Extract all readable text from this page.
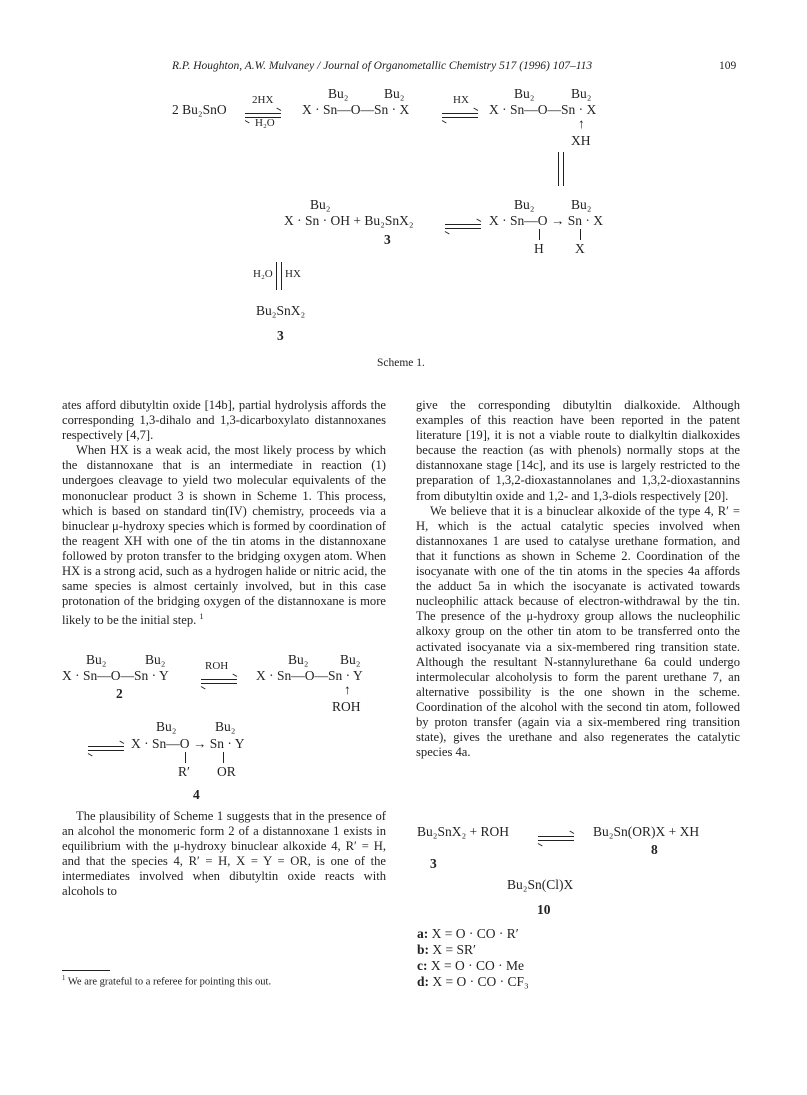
R.P. Houghton, A.W. Mulvaney / Journal of Organometallic Chemistry 517 (1996) 107–113	109
2 Bu₂SnO
2HX
H₂O
Bu₂	Bu₂
X · Sn—O—Sn · X
HX	Bu₂	Bu₂
X · Sn—O—Sn · X
↑
XH
Bu₂
X · Sn · OH + Bu₂SnX₂
3
Bu₂	Bu₂
X · Sn—O → Sn · X
H X
H₂O HX
Bu₂SnX₂
3
Scheme 1.

ates afford dibutyltin oxide [14b], partial hydrolysis affords the corresponding 1,3-dihalo and 1,3-dicarboxylato distannoxanes respectively [4,7].

When HX is a weak acid, the most likely process by which the distannoxane that is an intermediate in reaction (1) undergoes cleavage to yield two molecular equivalents of the mononuclear product 3 is shown in Scheme 1. This process, which is based on standard tin(IV) chemistry, proceeds via a binuclear μ-hydroxy species which is formed by coordination of the reagent XH with one of the tin atoms in the distannoxane followed by proton transfer to the bridging oxygen atom. When HX is a strong acid, such as a hydrogen halide or nitric acid, the same species is almost certainly involved, but in this case protonation of the bridging oxygen of the distannoxane is more likely to be the initial step. $^1$

Bu₂	Bu₂
X · Sn—O—Sn · Y
2
ROH	Bu₂ Bu₂
X · Sn—O—Sn · Y
↑
ROH
Bu₂	Bu₂
X · Sn—O → Sn · Y
R′ OR
4

The plausibility of Scheme 1 suggests that in the presence of an alcohol the monomeric form 2 of a distannoxane 1 exists in equilibrium with the μ-hydroxy binuclear alkoxide 4, R′ = H, and that the species 4, R′ = H, X = Y = OR, is one of the intermediates involved when dibutyltin oxide reacts with alcohols to

$^1$ We are grateful to a referee for pointing this out.

give the corresponding dibutyltin dialkoxide. Although examples of this reaction have been reported in the patent literature [19], it is not a viable route to dialkyltin dialkoxides because the reaction (as with phenols) normally stops at the distannoxane stage [14c], and its use is largely restricted to the preparation of 1,3,2-dioxastannolanes and 1,3,2-dioxastannins from dibutyltin oxide and 1,2- and 1,3-diols respectively [20].

We believe that it is a binuclear alkoxide of the type 4, R′ = H, which is the actual catalytic species involved when distannoxanes 1 are used to catalyse urethane formation, and that it functions as shown in Scheme 2. Coordination of the isocyanate with one of the tin atoms in the species 4a affords the adduct 5a in which the isocyanate is activated towards nucleophilic attack because of electron-withdrawal by the tin. The presence of the μ-hydroxy group allows the nucleophilic alkoxy group on the other tin atom to be transferred onto the activated isocyanate via a six-membered ring transition state. Although the resultant N-stannylurethane 6a could undergo intermolecular alcoholysis to form the parent urethane 7, an alternative possibility is the one shown in the scheme. Coordination of the alcohol with the second tin atom, followed by proton transfer (again via a six-membered ring transition state), gives the urethane and also regenerates the catalytic species 4a.

Bu₂SnX₂ + ROH	Bu₂Sn(OR)X + XH
3
8
Bu₂Sn(Cl)X
10
a: X = O · CO · R′
b: X = SR′
c: X = O · CO · Me
d: X = O · CO · CF₃
